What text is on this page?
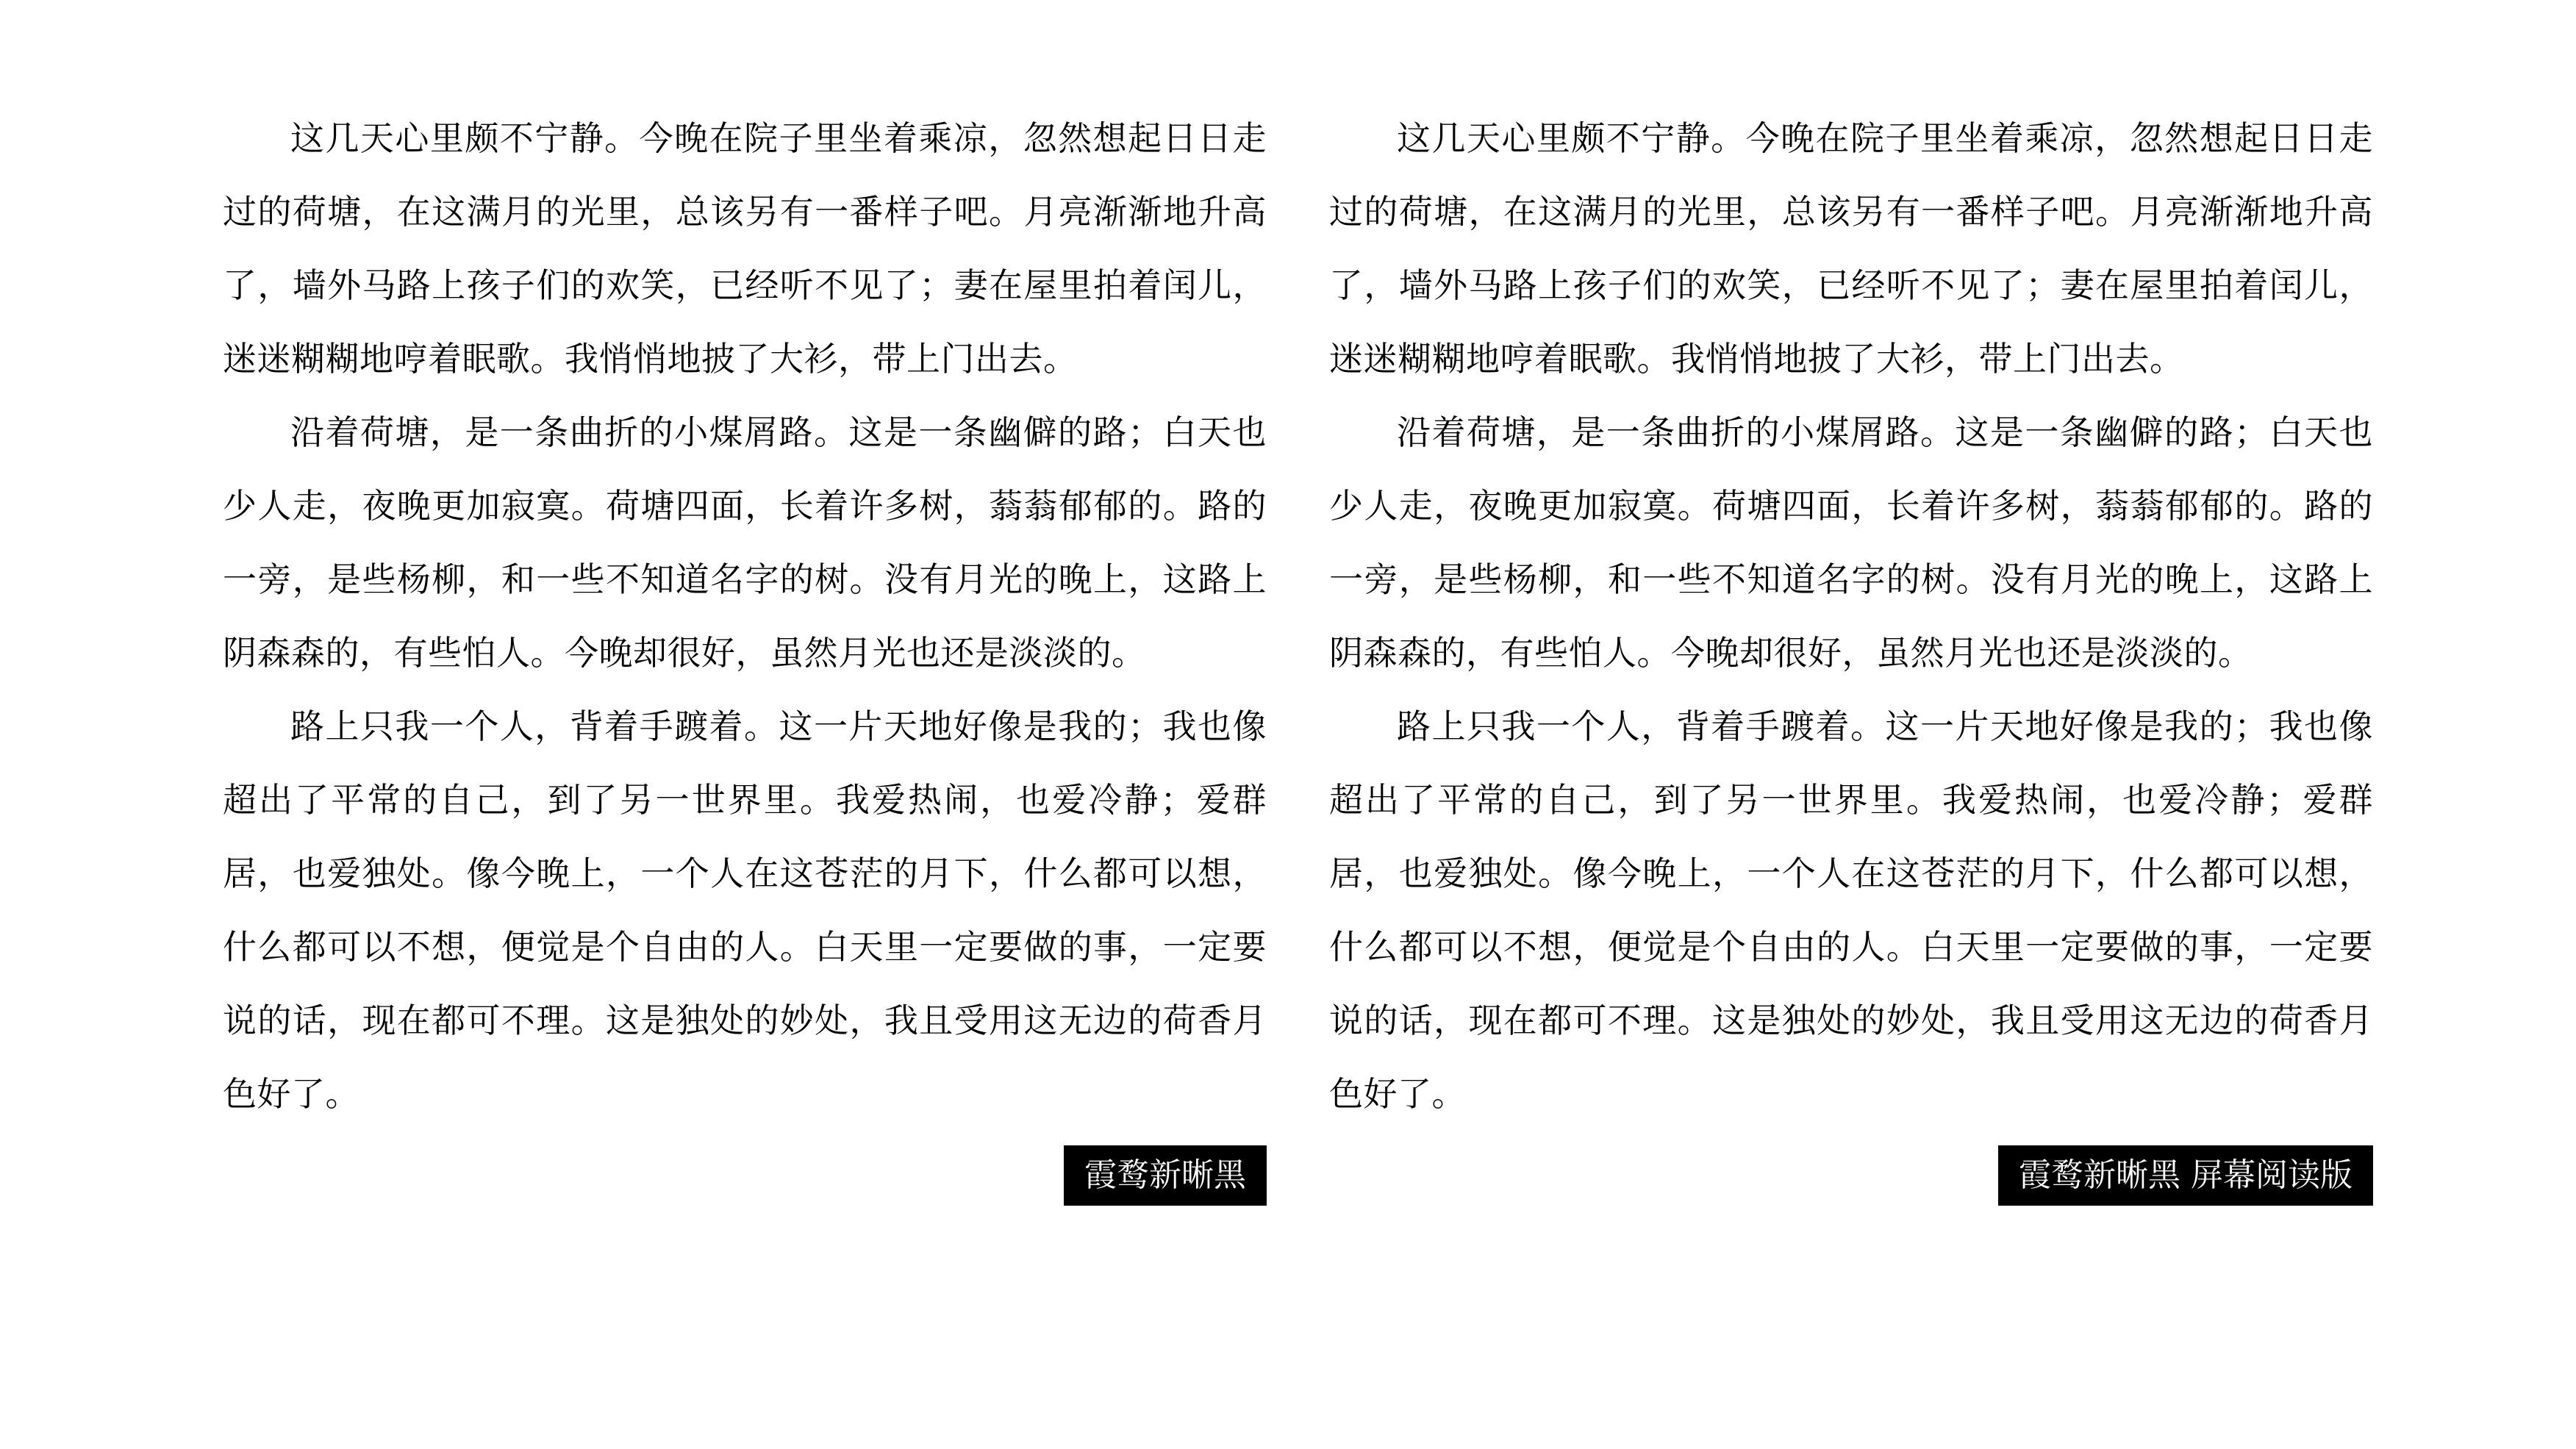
这几天心里颇不宁静。今晚在院子里坐着乘凉，忽然想起日日走过的荷塘，在这满月的光里，总该另有一番样子吧。月亮渐渐地升高了，墙外马路上孩子们的欢笑，已经听不见了；妻在屋里拍着闰儿，迷迷糊糊地哼着眠歌。我悄悄地披了大衫，带上门出去。

沿着荷塘，是一条曲折的小煤屑路。这是一条幽僻的路；白天也少人走，夜晚更加寂寞。荷塘四面，长着许多树，蓊蓊郁郁的。路的一旁，是些杨柳，和一些不知道名字的树。没有月光的晚上，这路上阴森森的，有些怕人。今晚却很好，虽然月光也还是淡淡的。

路上只我一个人，背着手踱着。这一片天地好像是我的；我也像超出了平常的自己，到了另一世界里。我爱热闹，也爱冷静；爱群居，也爱独处。像今晚上，一个人在这苍茫的月下，什么都可以想，什么都可以不想，便觉是个自由的人。白天里一定要做的事，一定要说的话，现在都可不理。这是独处的妙处，我且受用这无边的荷香月色好了。

霞鹜新晰黑

这几天心里颇不宁静。今晚在院子里坐着乘凉，忽然想起日日走过的荷塘，在这满月的光里，总该另有一番样子吧。月亮渐渐地升高了，墙外马路上孩子们的欢笑，已经听不见了；妻在屋里拍着闰儿，迷迷糊糊地哼着眠歌。我悄悄地披了大衫，带上门出去。

沿着荷塘，是一条曲折的小煤屑路。这是一条幽僻的路；白天也少人走，夜晚更加寂寞。荷塘四面，长着许多树，蓊蓊郁郁的。路的一旁，是些杨柳，和一些不知道名字的树。没有月光的晚上，这路上阴森森的，有些怕人。今晚却很好，虽然月光也还是淡淡的。

路上只我一个人，背着手踱着。这一片天地好像是我的；我也像超出了平常的自己，到了另一世界里。我爱热闹，也爱冷静；爱群居，也爱独处。像今晚上，一个人在这苍茫的月下，什么都可以想，什么都可以不想，便觉是个自由的人。白天里一定要做的事，一定要说的话，现在都可不理。这是独处的妙处，我且受用这无边的荷香月色好了。

霞鹜新晰黑 屏幕阅读版
